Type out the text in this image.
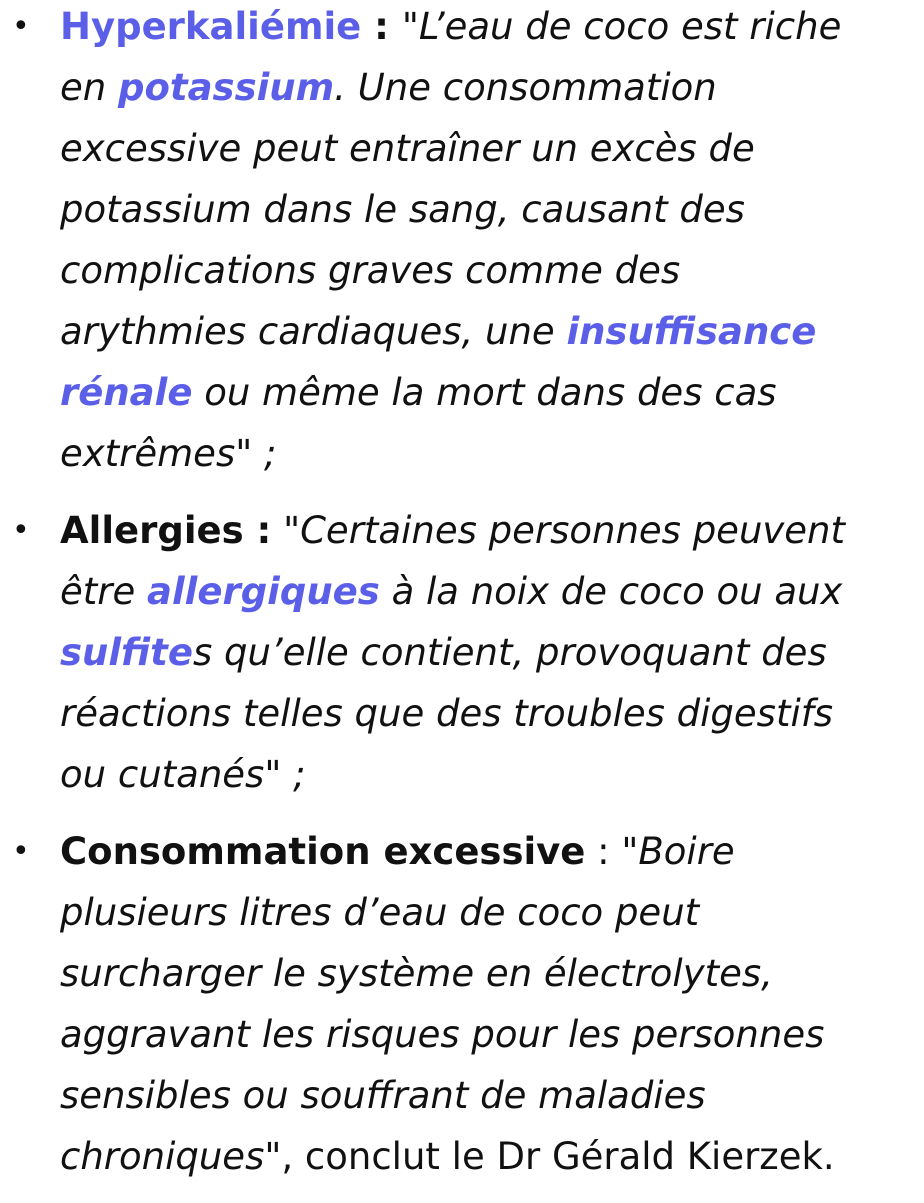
• Hyperkaliémie : "L’eau de coco est riche
en potassium. Une consommation
excessive peut entraîner un excès de
potassium dans le sang, causant des
complications graves comme des
arythmies cardiaques, une insuffisance
rénale ou même la mort dans des cas
extrêmes" ;
• Allergies : "Certaines personnes peuvent
être allergiques à la noix de coco ou aux
sulfites qu’elle contient, provoquant des
réactions telles que des troubles digestifs
ou cutanés" ;
• Consommation excessive : "Boire
plusieurs litres d’eau de coco peut
surcharger le système en électrolytes,
aggravant les risques pour les personnes
sensibles ou souffrant de maladies
chroniques", conclut le Dr Gérald Kierzek.
